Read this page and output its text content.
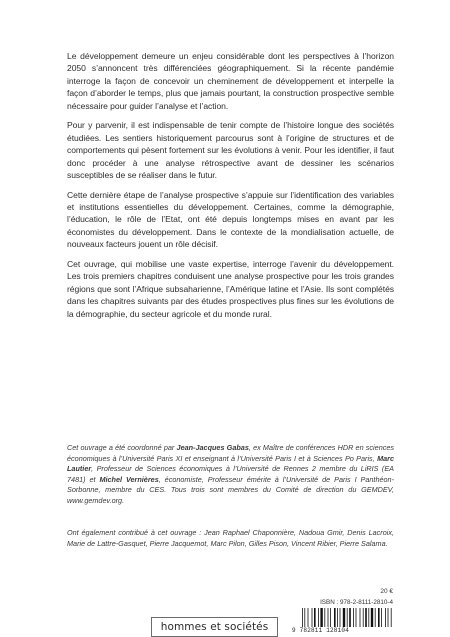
Le développement demeure un enjeu considérable dont les perspectives à l’horizon 2050 s’annoncent très différenciées géographiquement. Si la récente pandémie interroge la façon de concevoir un cheminement de développement et interpelle la façon d’aborder le temps, plus que jamais pourtant, la construction prospective semble nécessaire pour guider l’analyse et l’action.

Pour y parvenir, il est indispensable de tenir compte de l’histoire longue des sociétés étudiées. Les sentiers historiquement parcourus sont à l’origine de structures et de comportements qui pèsent fortement sur les évolutions à venir. Pour les identifier, il faut donc procéder à une analyse rétrospective avant de dessiner les scénarios susceptibles de se réaliser dans le futur.

Cette dernière étape de l’analyse prospective s’appuie sur l’identification des variables et institutions essentielles du développement. Certaines, comme la démographie, l’éducation, le rôle de l’Etat, ont été depuis longtemps mises en avant par les économistes du développement. Dans le contexte de la mondialisation actuelle, de nouveaux facteurs jouent un rôle décisif.

Cet ouvrage, qui mobilise une vaste expertise, interroge l’avenir du développement. Les trois premiers chapitres conduisent une analyse prospective pour les trois grandes régions que sont l’Afrique subsaharienne, l’Amérique latine et l’Asie. Ils sont complétés dans les chapitres suivants par des études prospectives plus fines sur les évolutions de la démographie, du secteur agricole et du monde rural.

Cet ouvrage a été coordonné par Jean-Jacques Gabas, ex Maître de conférences HDR en sciences économiques à l’Université Paris XI et enseignant à l’Université Paris I et à Sciences Po Paris, Marc Lautier, Professeur de Sciences économiques à l’Université de Rennes 2 membre du LiRIS (EA 7481) et Michel Vernières, économiste, Professeur émérite à l’Université de Paris I Panthéon-Sorbonne, membre du CES. Tous trois sont membres du Comité de direction du GEMDEV, www.gemdev.org.

Ont également contribué à cet ouvrage : Jean Raphael Chaponnière, Nadoua Gmir, Denis Lacroix, Marie de Lattre-Gasquet, Pierre Jacquemot, Marc Pilon, Gilles Pison, Vincent Ribier, Pierre Salama.

20 €
ISBN : 978-2-8111-2810-4
9 782811 128104
hommes et sociétés
